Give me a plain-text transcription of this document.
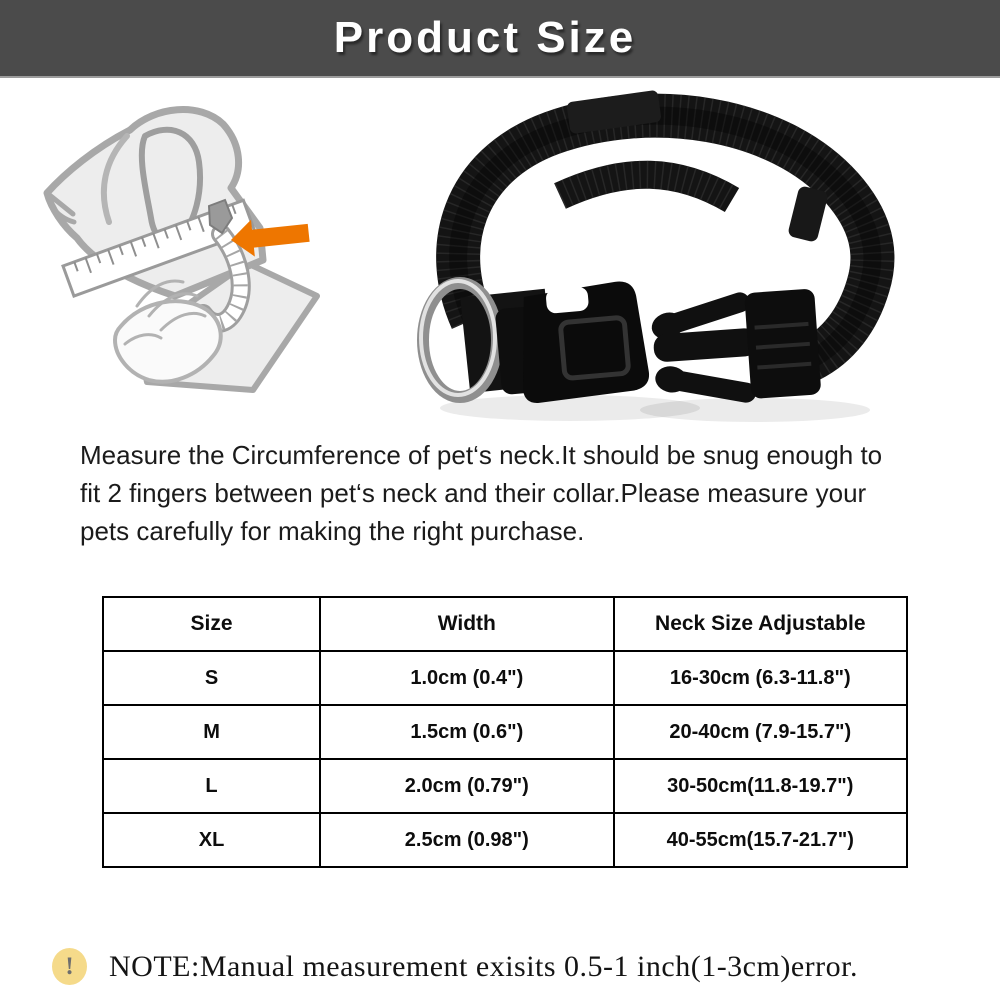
Product Size
Measure the Circumference of pet‘s neck.It should be snug enough to
fit 2 fingers between pet‘s neck and their collar.Please measure your
pets carefully for making the right purchase.
Size	Width	Neck Size Adjustable
S	1.0cm (0.4")	16-30cm (6.3-11.8")
M	1.5cm (0.6")	20-40cm (7.9-15.7")
L	2.0cm (0.79")	30-50cm(11.8-19.7")
XL	2.5cm (0.98")	40-55cm(15.7-21.7")
!	NOTE:Manual measurement exisits 0.5-1 inch(1-3cm)error.
